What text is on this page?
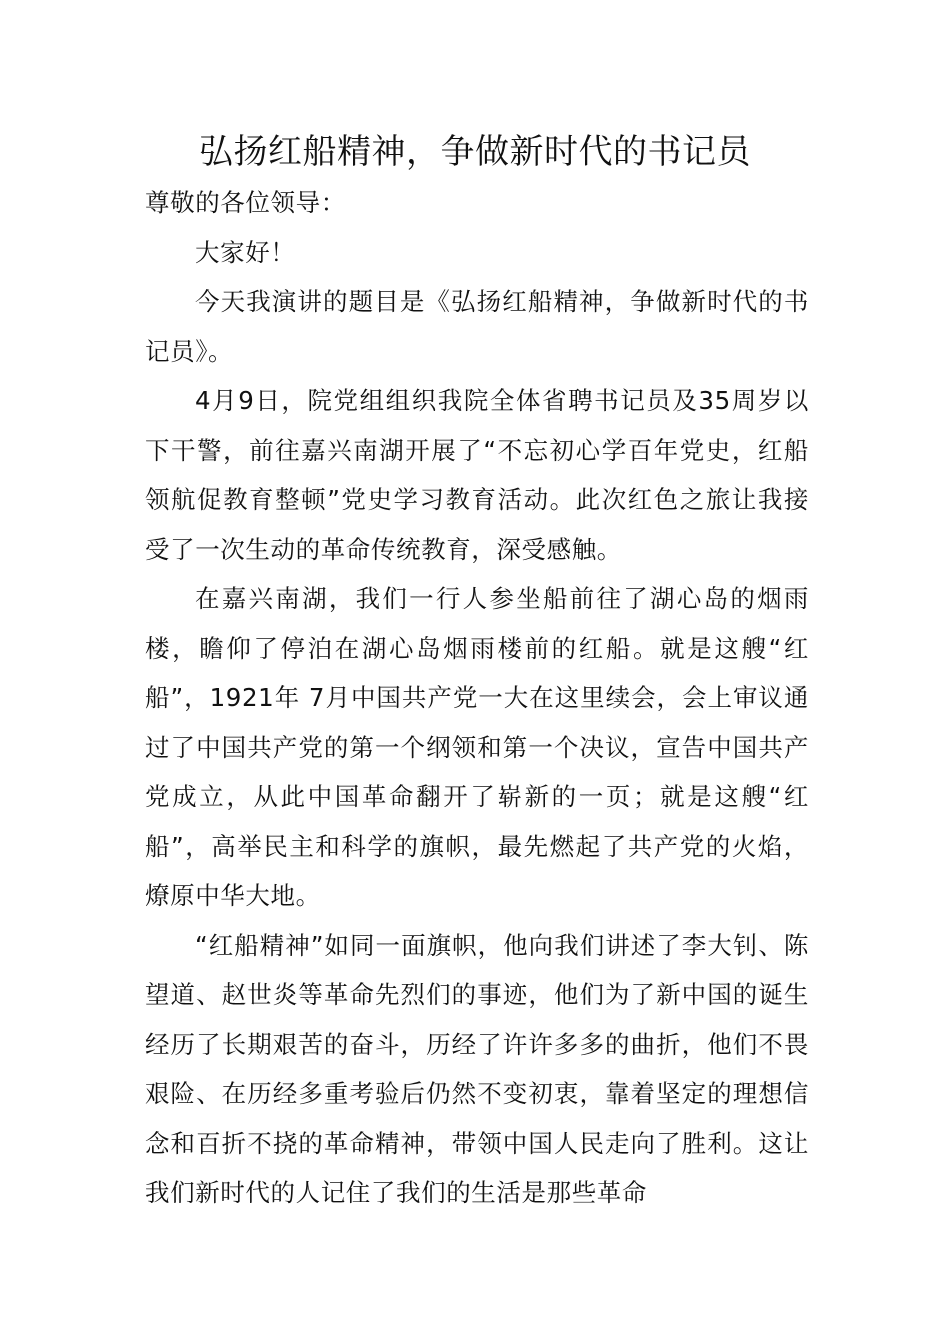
弘扬红船精神，争做新时代的书记员

尊敬的各位领导：

大家好！

今天我演讲的题目是《弘扬红船精神，争做新时代的书记员》。

4月9日，院党组组织我院全体省聘书记员及35周岁以下干警，前往嘉兴南湖开展了“不忘初心学百年党史，红船领航促教育整顿”党史学习教育活动。此次红色之旅让我接受了一次生动的革命传统教育，深受感触。

在嘉兴南湖，我们一行人参坐船前往了湖心岛的烟雨楼，瞻仰了停泊在湖心岛烟雨楼前的红船。就是这艘“红船”，1921年 7月中国共产党一大在这里续会，会上审议通过了中国共产党的第一个纲领和第一个决议，宣告中国共产党成立，从此中国革命翻开了崭新的一页；就是这艘“红船”，高举民主和科学的旗帜，最先燃起了共产党的火焰，燎原中华大地。

“红船精神”如同一面旗帜，他向我们讲述了李大钊、陈望道、赵世炎等革命先烈们的事迹，他们为了新中国的诞生经历了长期艰苦的奋斗，历经了许许多多的曲折，他们不畏艰险、在历经多重考验后仍然不变初衷，靠着坚定的理想信念和百折不挠的革命精神，带领中国人民走向了胜利。这让我们新时代的人记住了我们的生活是那些革命
